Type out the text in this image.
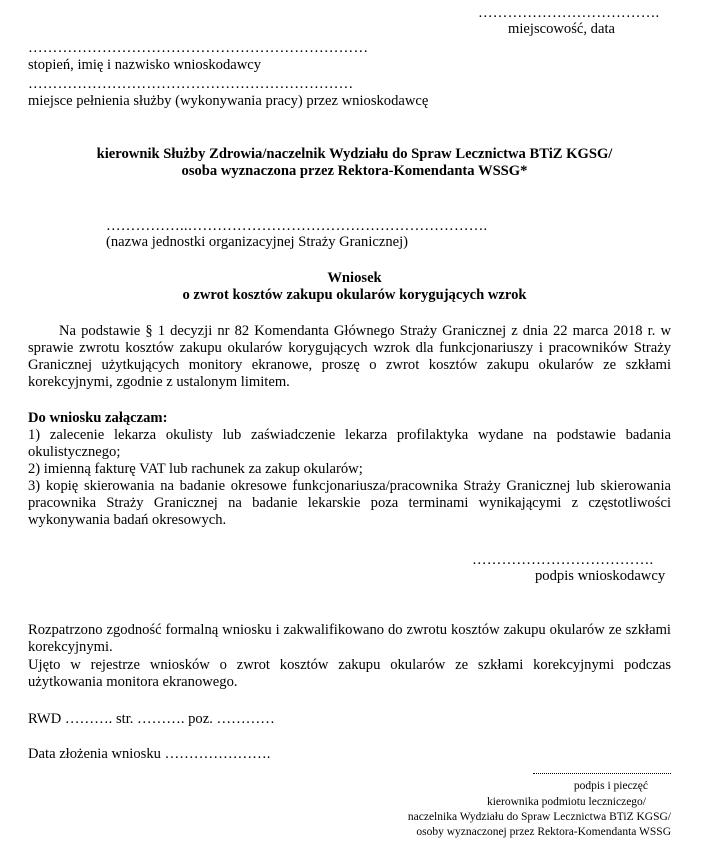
……………………………….
miejscowość, data
……………………………………………………………
stopień, imię i nazwisko wnioskodawcy
…………………………………………………………
miejsce pełnienia służby (wykonywania pracy) przez wnioskodawcę
kierownik Służby Zdrowia/naczelnik Wydziału do Spraw Lecznictwa BTiZ KGSG/
osoba wyznaczona przez Rektora-Komendanta WSSG*
……………..…………………………………………………….
(nazwa jednostki organizacyjnej Straży Granicznej)
Wniosek
o zwrot kosztów zakupu okularów korygujących wzrok
Na podstawie § 1 decyzji nr 82 Komendanta Głównego Straży Granicznej z dnia 22 marca 2018 r. w sprawie zwrotu kosztów zakupu okularów korygujących wzrok dla funkcjonariuszy i pracowników Straży Granicznej użytkujących monitory ekranowe, proszę o zwrot kosztów zakupu okularów ze szkłami korekcyjnymi, zgodnie z ustalonym limitem.
Do wniosku załączam:
1) zalecenie lekarza okulisty lub zaświadczenie lekarza profilaktyka wydane na podstawie badania okulistycznego;
2) imienną fakturę VAT lub rachunek za zakup okularów;
3) kopię skierowania na badanie okresowe funkcjonariusza/pracownika Straży Granicznej lub skierowania pracownika Straży Granicznej na badanie lekarskie poza terminami wynikającymi z częstotliwości wykonywania badań okresowych.
……………………………….
podpis wnioskodawcy
Rozpatrzono zgodność formalną wniosku i zakwalifikowano do zwrotu kosztów zakupu okularów ze szkłami korekcyjnymi.
Ujęto w rejestrze wniosków o zwrot kosztów zakupu okularów ze szkłami korekcyjnymi podczas użytkowania monitora ekranowego.
RWD ………. str. ………. poz. …………
Data złożenia wniosku ………………….
podpis i pieczęć
kierownika podmiotu leczniczego/
naczelnika Wydziału do Spraw Lecznictwa BTiZ KGSG/
osoby wyznaczonej przez Rektora-Komendanta WSSG
